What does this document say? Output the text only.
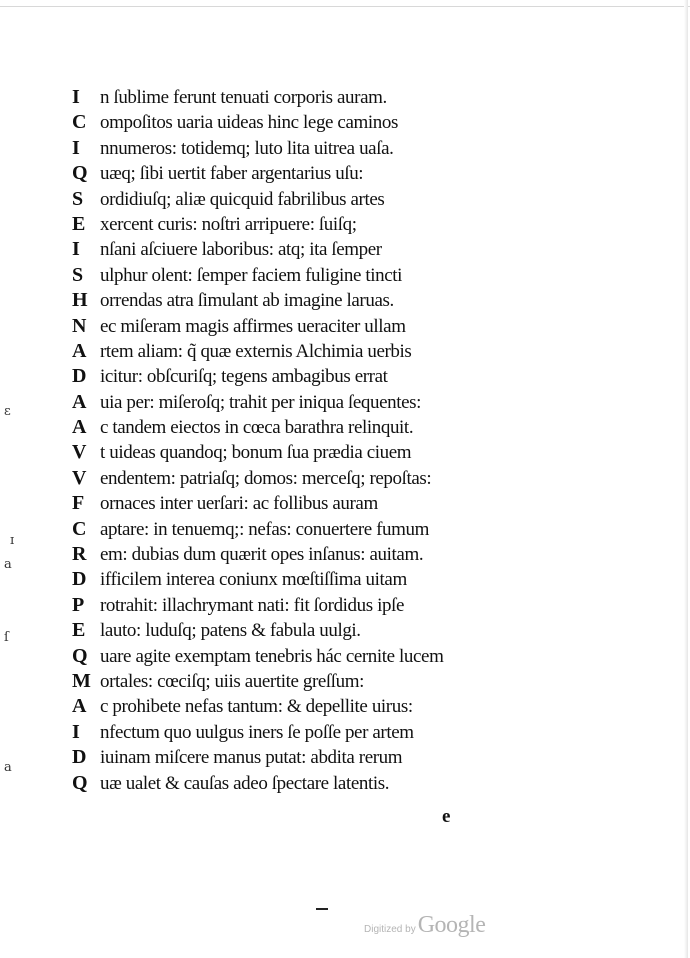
I	n ſublime ferunt tenuati corporis auram.
C ompoſitos uaria uideas hinc lege caminos
I	nnumeros: totidemq; luto lita uitrea uaſa.
Q uæq; ſibi uertit faber argentarius uſu:
S ordidiuſq; aliæ quicquid fabrilibus artes
E xercent curis: noſtri arripuere: ſuiſq;
I	nſani aſciuere laboribus: atq; ita ſemper
S ulphur olent: ſemper faciem fuligine tincti
H orrendas atra ſimulant ab imagine laruas.
N ec miſeram magis affirmes ueraciter ullam
A rtem aliam: q̃ quæ externis Alchimia uerbis
D icitur: obſcuriſq; tegens ambagibus errat
A uia per: miſeroſq; trahit per iniqua ſequentes:
A c tandem eiectos in cœca barathra relinquit.
V t uideas quandoq; bonum ſua prædia ciuem
V endentem: patriaſq; domos: merceſq; repoſtas:
F ornaces inter uerſari: ac follibus auram
C aptare: in tenuemq;: nefas: conuertere fumum
R em: dubias dum quærit opes inſanus: auitam.
D ifficilem interea coniunx mœſtiſſima uitam
P rotrahit: illachrymant nati: fit ſordidus ipſe
E lauto: luduſq; patens & fabula uulgi.
Q uare agite exemptam tenebris hác cernite lucem
M ortales: cœciſq; uiis auertite greſſum:
A c prohibete nefas tantum: & depellite uirus:
I	nfectum quo uulgus iners ſe poſſe per artem
D iuinam miſcere manus putat: abdita rerum
Q uæ ualet & cauſas adeo ſpectare latentis.
ɛ
ɪ
a
ſ
a
e
Digitized by Google
